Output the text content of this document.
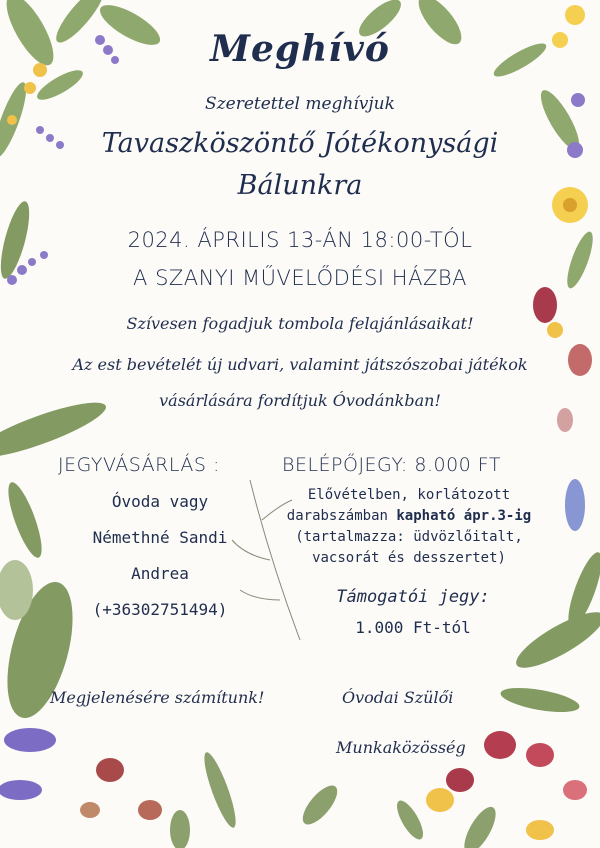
Meghívó
Szeretettel meghívjuk
Tavaszköszöntő Jótékonysági
Bálunkra
2024. ÁPRILIS 13-ÁN 18:00-TÓL
A SZANYI MŰVELŐDÉSI HÁZBA
Szívesen fogadjuk tombola felajánlásaikat!
Az est bevételét új udvari, valamint játszószobai játékok
vásárlására fordítjuk Óvodánkban!
JEGYVÁSÁRLÁS :
Óvoda vagy
Némethné Sandi
Andrea
(+36302751494)
BELÉPŐJEGY: 8.000 FT
Elővételben, korlátozott
darabszámban kapható ápr.3-ig
(tartalmazza: üdvözlőitalt,
vacsorát és desszertet)
Támogatói jegy:
1.000 Ft-tól
Megjelenésére számítunk!	Óvodai Szülői
Munkaközösség
